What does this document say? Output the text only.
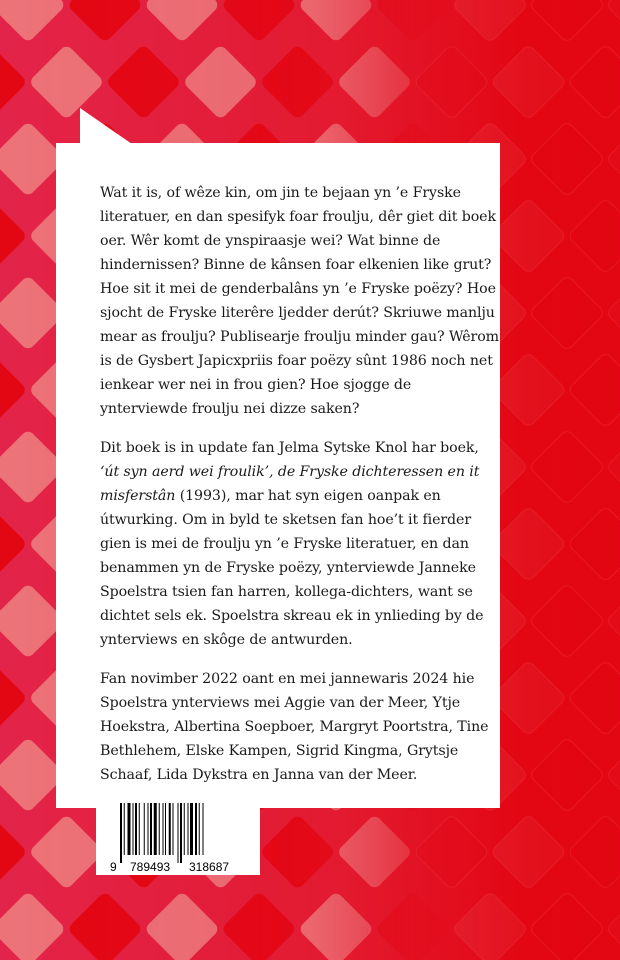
Wat it is, of wêze kin, om jin te bejaan yn ’e Fryske literatuer, en dan spesifyk foar froulju, dêr giet dit boek oer. Wêr komt de ynspiraasje wei? Wat binne de hindernissen? Binne de kânsen foar elkenien like grut? Hoe sit it mei de genderbalâns yn ’e Fryske poëzy? Hoe sjocht de Fryske literêre ljedder derút? Skriuwe manlju mear as froulju? Publisearje froulju minder gau? Wêrom is de Gysbert Japicxpriis foar poëzy sûnt 1986 noch net ienkear wer nei in frou gien? Hoe sjogge de ynterviewde froulju nei dizze saken?

Dit boek is in update fan Jelma Sytske Knol har boek, ‘út syn aerd wei froulik’, de Fryske dichteressen en it misferstân (1993), mar hat syn eigen oanpak en útwurking. Om in byld te sketsen fan hoe’t it fierder gien is mei de froulju yn ’e Fryske literatuer, en dan benammen yn de Fryske poëzy, ynterviewde Janneke Spoelstra tsien fan harren, kollega-dichters, want se dichtet sels ek. Spoelstra skreau ek in ynlieding by de ynterviews en skôge de antwurden.

Fan novimber 2022 oant en mei jannewaris 2024 hie Spoelstra ynterviews mei Aggie van der Meer, Ytje Hoekstra, Albertina Soepboer, Margryt Poortstra, Tine Bethlehem, Elske Kampen, Sigrid Kingma, Grytsje Schaaf, Lida Dykstra en Janna van der Meer.

9 789493 318687
